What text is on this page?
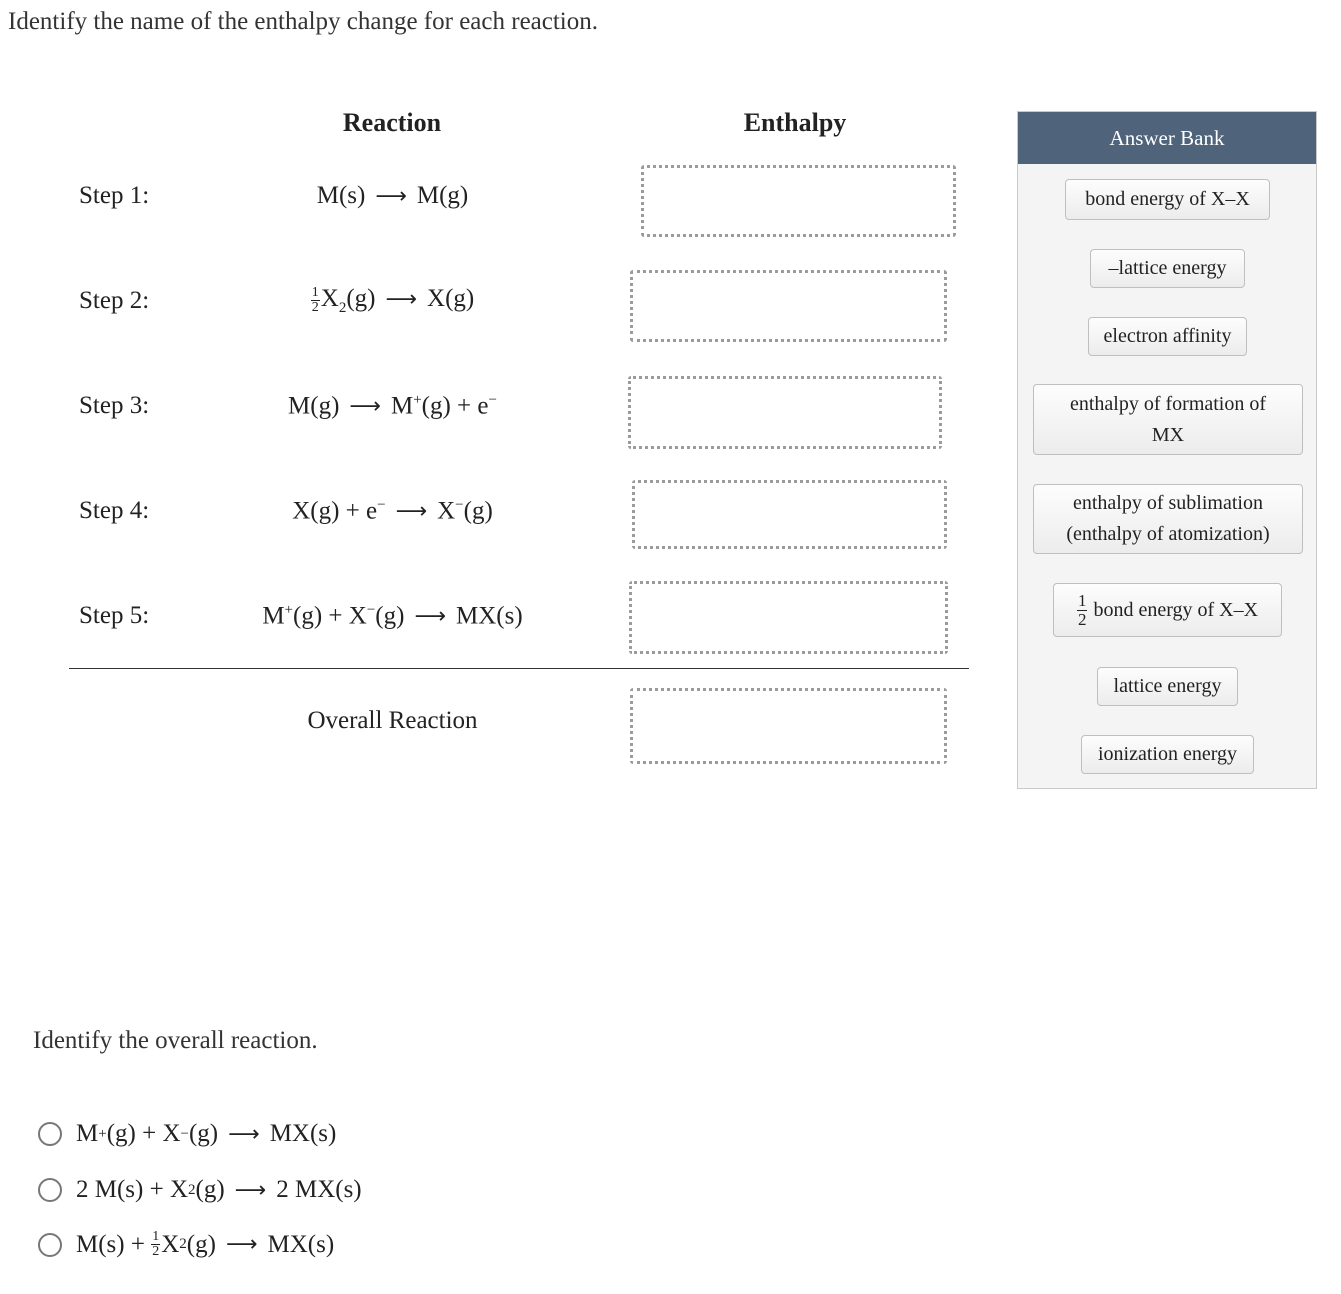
Identify the name of the enthalpy change for each reaction.
Reaction	Enthalpy
Step 1:	M(s) ⟶ M(g)
Step 2:	$\frac{1}{2} X_2(g)$ ⟶ X(g)
Step 3:	M(g) ⟶ M+(g) + e−
Step 4:	X(g) + e− ⟶ X−(g)
Step 5:	M+(g) + X−(g) ⟶ MX(s)
Overall Reaction
Answer Bank
bond energy of X–X
–lattice energy
electron affinity
enthalpy of formation of
MX
enthalpy of sublimation
(enthalpy of atomization)
$\frac{1}{2}$ bond energy of X–X
lattice energy
ionization energy
Identify the overall reaction.
M + (g) + X − (g) ⟶ MX(s)
2 M(s) + X 2 (g) ⟶ 2 MX(s)
$M(s) + \frac{1}{2}$ X 2 (g) ⟶ MX(s)
